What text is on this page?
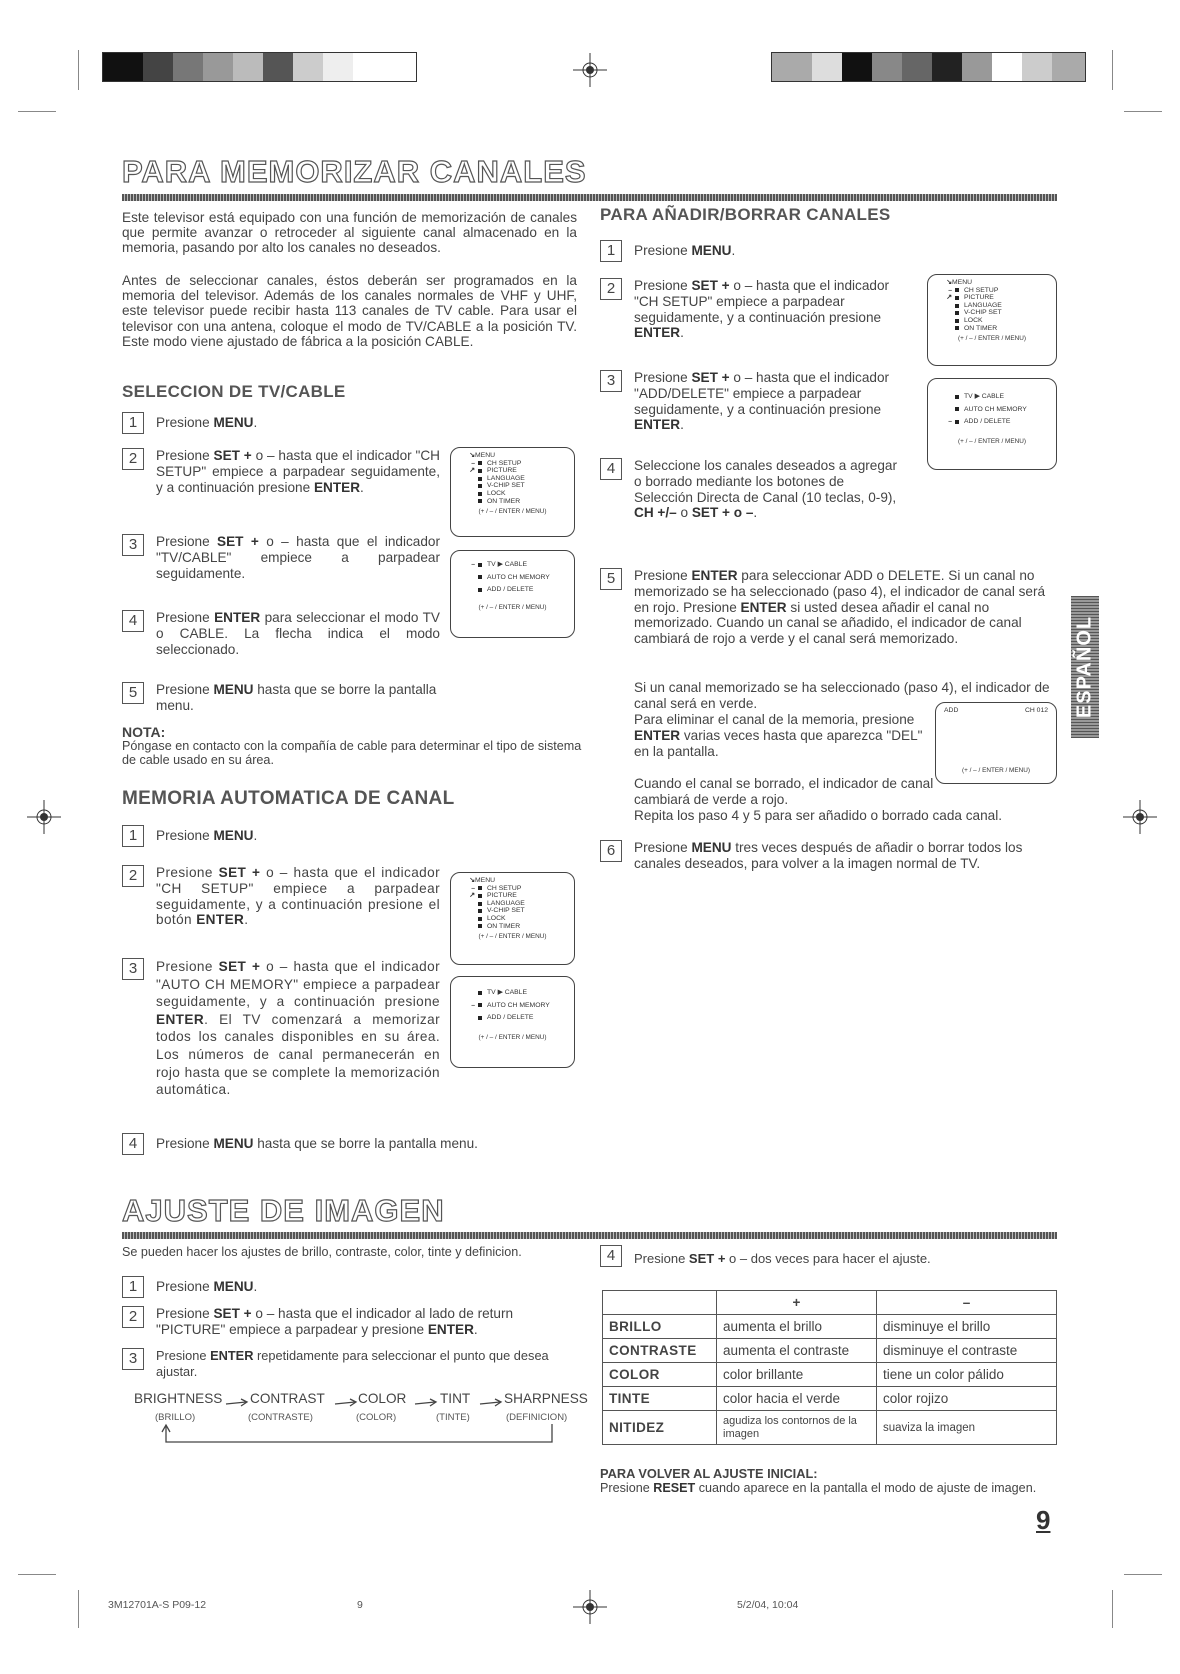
PARA MEMORIZAR CANALES
Este televisor está equipado con una función de memorización de canales que permite avanzar o retroceder al siguiente canal almacenado en la memoria, pasando por alto los canales no deseados.
Antes de seleccionar canales, éstos deberán ser programados en la memoria del televisor. Además de los canales normales de VHF y UHF, este televisor puede recibir hasta 113 canales de TV cable. Para usar el televisor con una antena, coloque el modo de TV/CABLE a la posición TV. Este modo viene ajustado de fábrica a la posición CABLE.
SELECCION DE TV/CABLE
1	Presione MENU.
2	Presione SET + o – hasta que el indicador "CH SETUP" empiece a parpadear seguidamente, y a continuación presione ENTER.
3	Presione SET + o – hasta que el indicador "TV/CABLE" empiece a parpadear seguidamente.
4	Presione ENTER para seleccionar el modo TV o CABLE. La flecha indica el modo seleccionado.
5	Presione MENU hasta que se borre la pantalla menu.
↘ MENU
– CH SETUP
↗ PICTURE
LANGUAGE
V-CHIP SET
LOCK
ON TIMER
(+ / – / ENTER / MENU)
– TV
▶
CABLE
AUTO CH MEMORY
ADD / DELETE
(+ / – / ENTER / MENU)
NOTA:
Póngase en contacto con la compañía de cable para determinar el tipo de sistema de cable usado en su área.
MEMORIA AUTOMATICA DE CANAL
1	Presione MENU.
2	Presione SET + o – hasta que el indicador "CH SETUP" empiece a parpadear seguidamente, y a continuación presione el botón ENTER.
3	Presione SET + o – hasta que el indicador "AUTO CH MEMORY" empiece a parpadear seguidamente, y a continuación presione ENTER. El TV comenzará a memorizar todos los canales disponibles en su área. Los números de canal permanecerán en rojo hasta que se complete la memorización automática.
4	Presione MENU hasta que se borre la pantalla menu.
↘ MENU
– CH SETUP
↗ PICTURE
LANGUAGE
V-CHIP SET
LOCK
ON TIMER
(+ / – / ENTER / MENU)
TV
▶
CABLE
– AUTO CH MEMORY
ADD / DELETE
(+ / – / ENTER / MENU)
PARA AÑADIR/BORRAR CANALES
1	Presione MENU.
2	Presione SET + o – hasta que el indicador "CH SETUP" empiece a parpadear seguidamente, y a continuación presione ENTER.
3	Presione SET + o – hasta que el indicador "ADD/DELETE" empiece a parpadear seguidamente, y a continuación presione ENTER.
4	Seleccione los canales deseados a agregar o borrado mediante los botones de Selección Directa de Canal (10 teclas, 0-9), CH +/– o SET + o –.
↘ MENU
– CH SETUP
↗ PICTURE
LANGUAGE
V-CHIP SET
LOCK
ON TIMER
(+ / – / ENTER / MENU)
TV
▶
CABLE
AUTO CH MEMORY
– ADD / DELETE
(+ / – / ENTER / MENU)
5	Presione ENTER para seleccionar ADD o DELETE. Si un canal no memorizado se ha seleccionado (paso 4), el indicador de canal será en rojo. Presione ENTER si usted desea añadir el canal no memorizado. Cuando un canal se añadido, el indicador de canal cambiará de rojo a verde y el canal será memorizado.
Si un canal memorizado se ha seleccionado (paso 4), el indicador de canal será en verde.
Para eliminar el canal de la memoria, presione ENTER varias veces hasta que aparezca "DEL" en la pantalla.
Cuando el canal se borrado, el indicador de canal cambiará de verde a rojo.
Repita los paso 4 y 5 para ser añadido o borrado cada canal.
ADD	CH 012
(+ / – / ENTER / MENU)
6	Presione MENU tres veces después de añadir o borrar todos los canales deseados, para volver a la imagen normal de TV.
ESPAÑOL
AJUSTE DE IMAGEN
Se pueden hacer los ajustes de brillo, contraste, color, tinte y definicion.
1	Presione MENU.
2	Presione SET + o – hasta que el indicador al lado de return "PICTURE" empiece a parpadear y presione ENTER.
3	Presione ENTER repetidamente para seleccionar el punto que desea ajustar.
BRIGHTNESS CONTRAST COLOR TINT SHARPNESS
(BRILLO)	(CONTRASTE)	(COLOR)	(TINTE)	(DEFINICION)
4	Presione SET + o – dos veces para hacer el ajuste.
	+	–
BRILLO	aumenta el brillo	disminuye el brillo
CONTRASTE	aumenta el contraste	disminuye el contraste
COLOR	color brillante	tiene un color pálido
TINTE	color hacia el verde	color rojizo
NITIDEZ	agudiza los contornos de la imagen	suaviza la imagen
PARA VOLVER AL AJUSTE INICIAL:
Presione RESET cuando aparece en la pantalla el modo de ajuste de imagen.
9
3M12701A-S P09-12	9	5/2/04, 10:04
